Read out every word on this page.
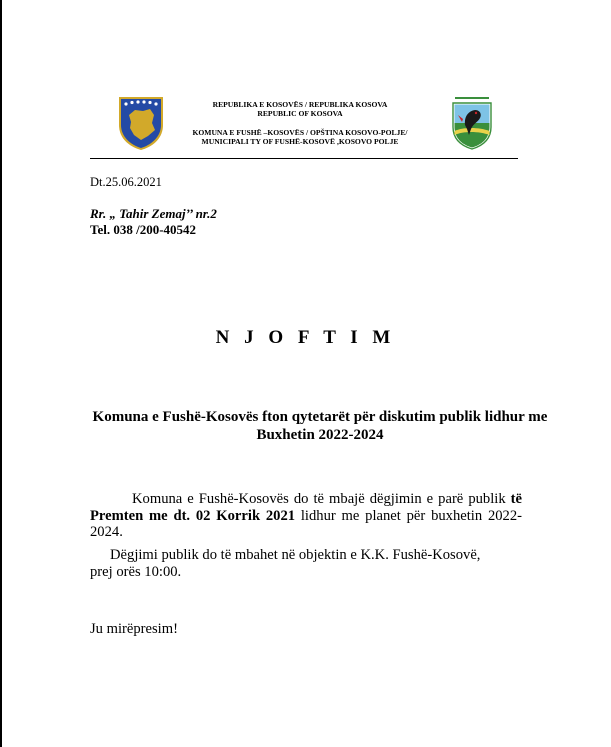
REPUBLIKA E KOSOVËS / REPUBLIKA KOSOVA
REPUBLIC OF KOSOVA
KOMUNA E FUSHË –KOSOVËS / OPŠTINA KOSOVO-POLJE/
MUNICIPALI TY OF FUSHË-KOSOVË ,KOSOVO POLJE
Dt.25.06.2021
Rr. „ Tahir Zemaj’’ nr.2
Tel. 038 /200-40542
N J O F T I M
Komuna e Fushë-Kosovës fton qytetarët për diskutim publik lidhur me
Buxhetin 2022-2024
Komuna e Fushë-Kosovës do të mbajë dëgjimin e parë publik të Premten me dt. 02 Korrik 2021 lidhur me planet për buxhetin 2022-2024.
Dëgjimi publik do të mbahet në objektin e K.K. Fushë-Kosovë,
prej orës 10:00.
Ju mirëpresim!
